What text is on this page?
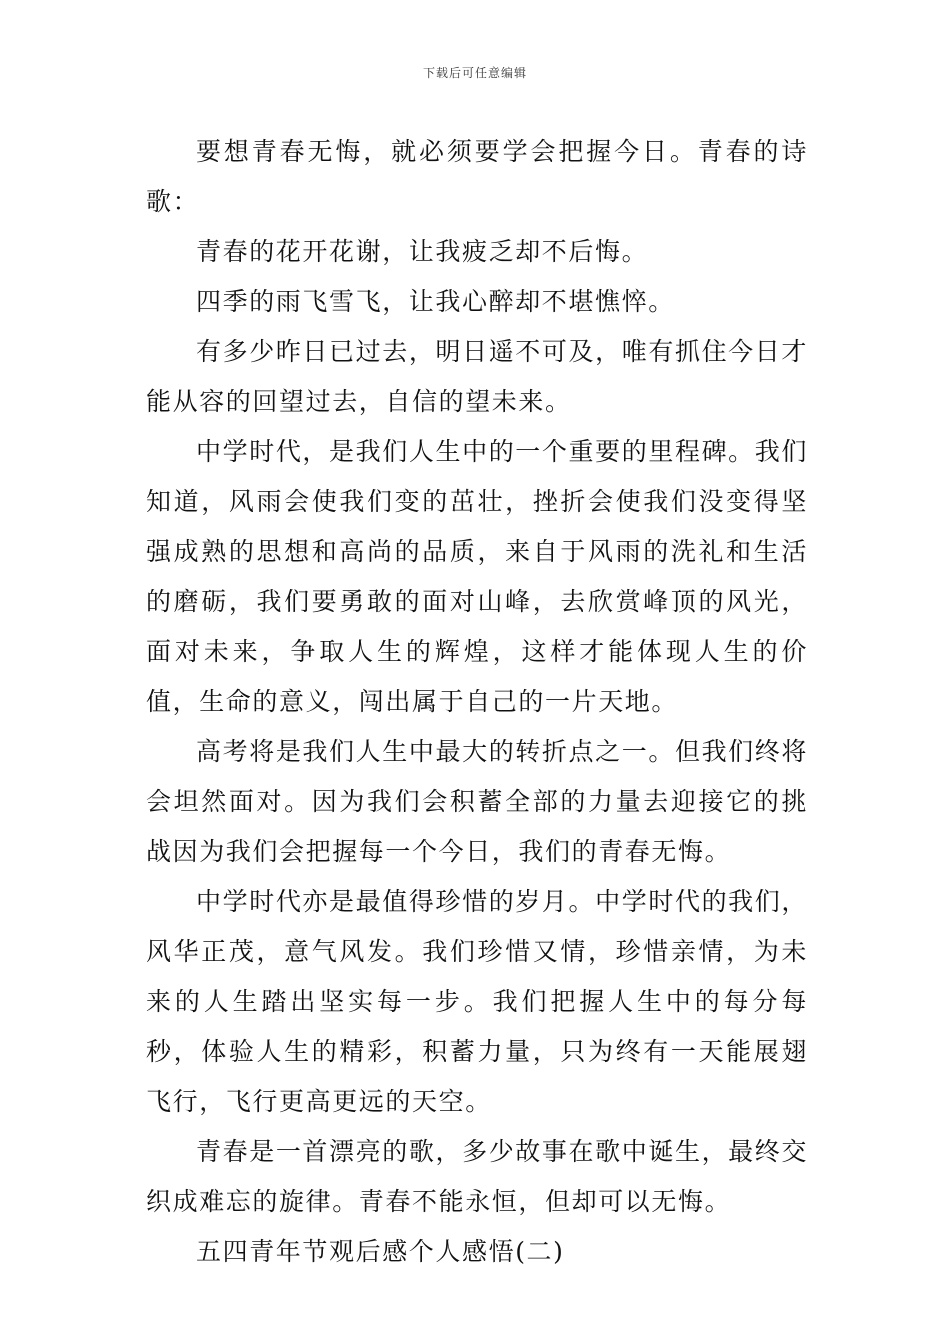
下载后可任意编辑

要想青春无悔，就必须要学会把握今日。青春的诗歌：

青春的花开花谢，让我疲乏却不后悔。

四季的雨飞雪飞，让我心醉却不堪憔悴。

有多少昨日已过去，明日遥不可及，唯有抓住今日才能从容的回望过去，自信的望未来。

中学时代，是我们人生中的一个重要的里程碑。我们知道，风雨会使我们变的茁壮，挫折会使我们没变得坚强成熟的思想和高尚的品质，来自于风雨的洗礼和生活的磨砺，我们要勇敢的面对山峰，去欣赏峰顶的风光，面对未来，争取人生的辉煌，这样才能体现人生的价值，生命的意义，闯出属于自己的一片天地。

高考将是我们人生中最大的转折点之一。但我们终将会坦然面对。因为我们会积蓄全部的力量去迎接它的挑战因为我们会把握每一个今日，我们的青春无悔。

中学时代亦是最值得珍惜的岁月。中学时代的我们，风华正茂，意气风发。我们珍惜又情，珍惜亲情，为未来的人生踏出坚实每一步。我们把握人生中的每分每秒，体验人生的精彩，积蓄力量，只为终有一天能展翅飞行，飞行更高更远的天空。

青春是一首漂亮的歌，多少故事在歌中诞生，最终交织成难忘的旋律。青春不能永恒，但却可以无悔。

五四青年节观后感个人感悟(二)
